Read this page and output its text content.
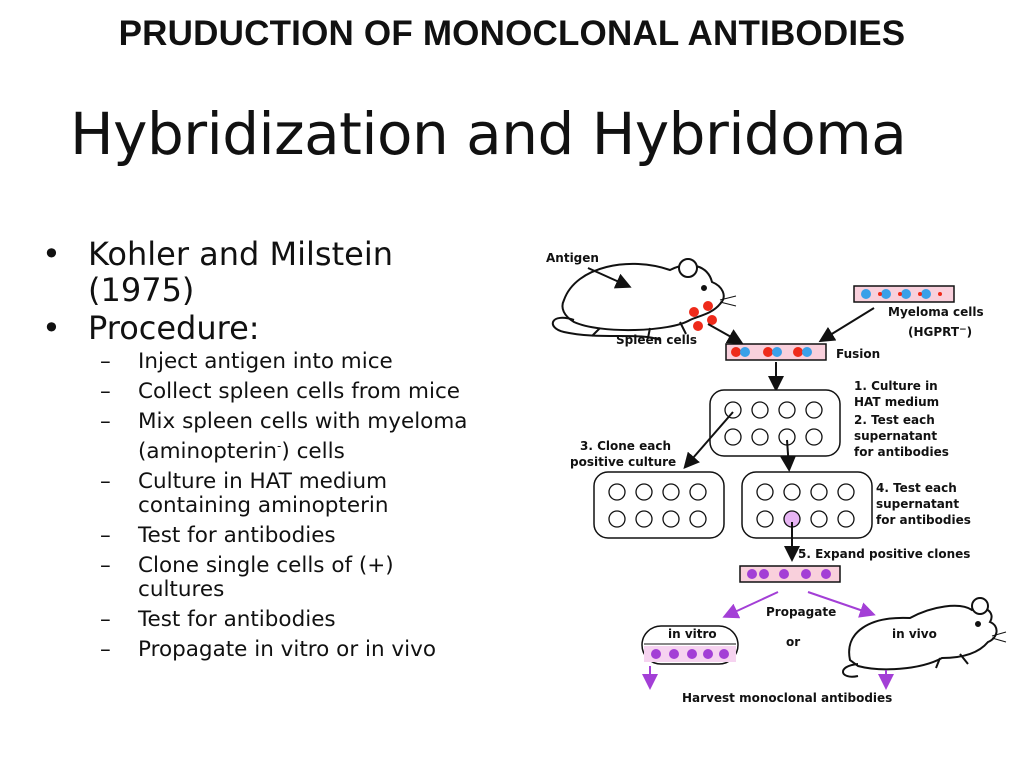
PRUDUCTION OF MONOCLONAL ANTIBODIES
Hybridization and Hybridoma
• Kohler and Milstein
(1975)
• Procedure:
– Inject antigen into mice
– Collect spleen cells from mice
– Mix spleen cells with myeloma
(aminopterin-) cells
– Culture in HAT medium
containing aminopterin
– Test for antibodies
– Clone single cells of (+)
cultures
– Test for antibodies
– Propagate in vitro or in vivo
Antigen
Spleen cells
Myeloma cells
(HGPRT−)
Fusion
1. Culture in
HAT medium
2. Test each
supernatant
for antibodies
3. Clone each
positive culture
4. Test each
supernatant
for antibodies
5. Expand positive clones
Propagate
or
in vitro	in vivo
Harvest monoclonal antibodies
